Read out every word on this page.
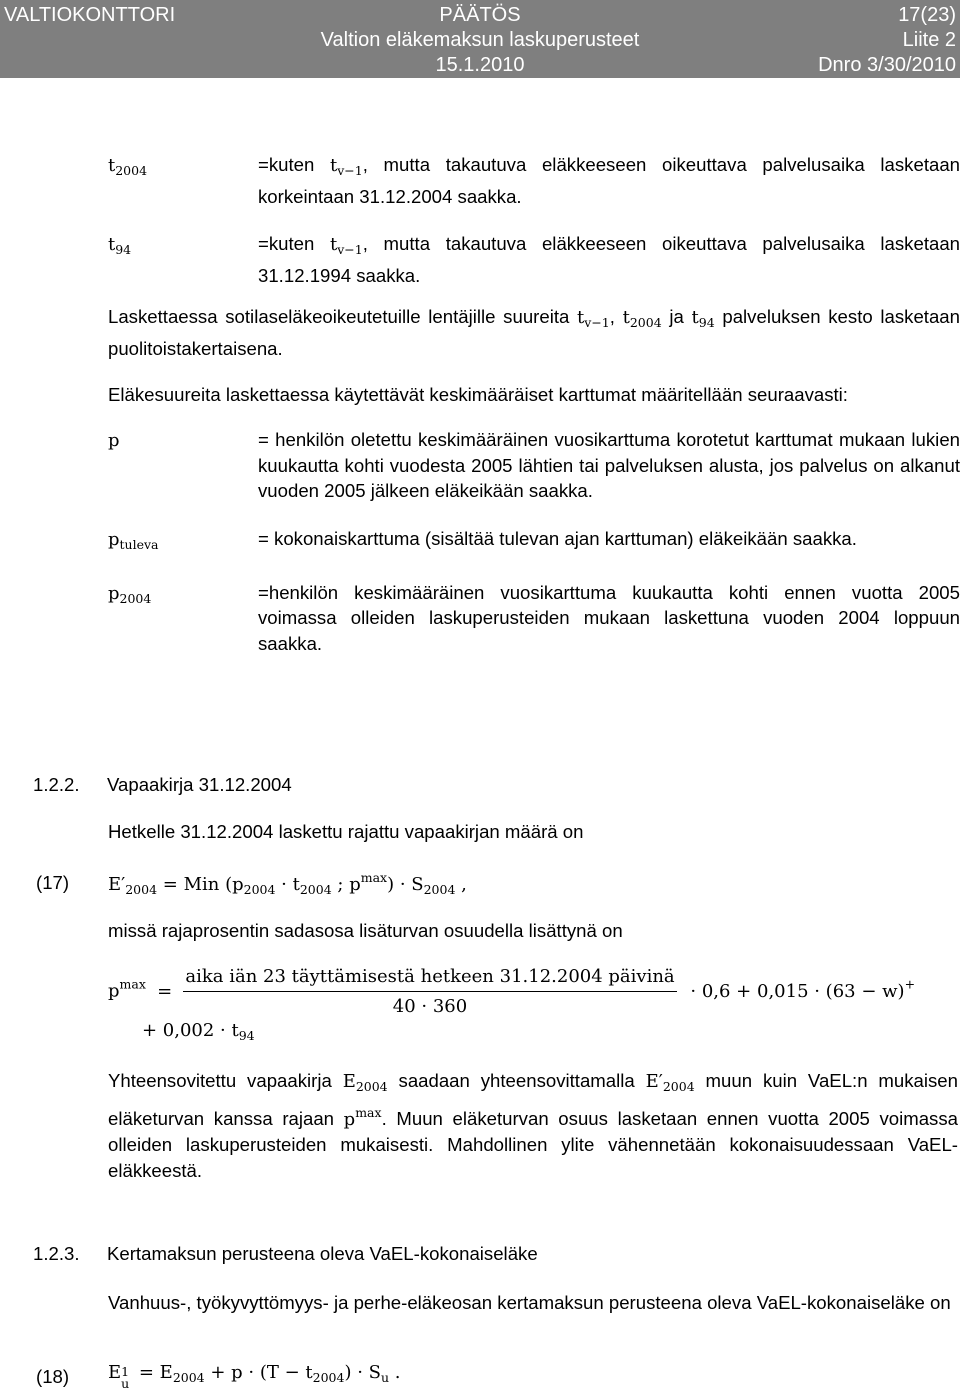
VALTIOKONTTORI	PÄÄTÖS	17(23)
Valtion eläkemaksun laskuperusteet	Liite 2
15.1.2010	Dnro 3/30/2010
$t_{2004}$	=kuten $t_{v-1}$, mutta takautuva eläkkeeseen oikeuttava palvelusaika lasketaan korkeintaan 31.12.2004 saakka.
$t_{94}$	=kuten $t_{v-1}$, mutta takautuva eläkkeeseen oikeuttava palvelusaika lasketaan 31.12.1994 saakka.

Laskettaessa sotilaseläkeoikeutetuille lentäjille suureita $t_{v-1}$, $t_{2004}$ ja $t_{94}$ palveluksen kesto lasketaan puolitoistakertaisena.

Eläkesuureita laskettaessa käytettävät keskimääräiset karttumat määritellään seuraavasti:

p	= henkilön oletettu keskimääräinen vuosikarttuma korotetut karttumat mukaan lukien kuukautta kohti vuodesta 2005 lähtien tai palveluksen alusta, jos palvelus on alkanut vuoden 2005 jälkeen eläkeikään saakka.
$p_{tuleva}$	= kokonaiskarttuma (sisältää tulevan ajan karttuman) eläkeikään saakka.
$p_{2004}$	=henkilön keskimääräinen vuosikarttuma kuukautta kohti ennen vuotta 2005 voimassa olleiden laskuperusteiden mukaan laskettuna vuoden 2004 loppuun saakka.
1.2.2. Vapaakirja 31.12.2004

Hetkelle 31.12.2004 laskettu rajattu vapaakirjan määrä on

(17) $E'_{2004}$ = Min ($p_{2004} \cdot t_{2004}$ ; $p^{max}) \cdot S_{2004}$ ,

missä rajaprosentin sadasosa lisäturvan osuudella lisättynä on

$p^{max} = \frac{\text{aika iän 23 täyttämisestä hetkeen 31.12.2004 päivinä}}{40 \cdot 360} \cdot 0,6 + 0,015 \cdot (63 - w)^+$
+ $0,002 \cdot t_{94}$

Yhteensovitettu vapaakirja $E_{2004}$ saadaan yhteensovittamalla $E'_{2004}$ muun kuin VaEL:n mukaisen eläketurvan kanssa rajaan $p^{max}$. Muun eläketurvan osuus lasketaan ennen vuotta 2005 voimassa olleiden laskuperusteiden mukaisesti. Mahdollinen ylite vähennetään kokonaisuudessaan VaEL-eläkkeestä.

1.2.3. Kertamaksun perusteena oleva VaEL-kokonaiseläke

Vanhuus-, työkyvyttömyys- ja perhe-eläkeosan kertamaksun perusteena oleva VaEL-kokonaiseläke on

(18) E 1
u
= $E_{2004} + p \cdot (T - t_{2004}) \cdot S_u$ .
